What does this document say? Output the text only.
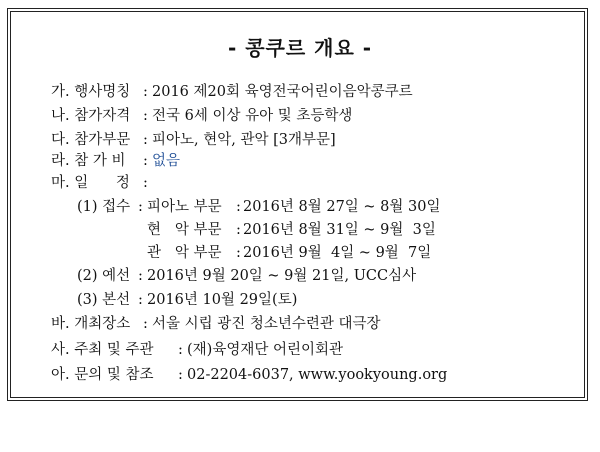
- 콩쿠르 개요 -

가. 행사명칭

:

2016 제20회 육영전국어린이음악콩쿠르

나. 참가자격

:

전국 6세 이상 유아 및 초등학생

다. 참가부문

:

피아노, 현악, 관악 [3개부문]

라. 참 가 비

:

없음

마. 일      정

:

(1) 접수

:

피아노 부문

:

2016년 8월 27일 ~ 8월 30일

현   악 부문

:

2016년 8월 31일 ~ 9월  3일

관   악 부문

:

2016년 9월  4일 ~ 9월  7일

(2) 예선

:

2016년 9월 20일 ~ 9월 21일, UCC심사

(3) 본선

:

2016년 10월 29일(토)

바. 개최장소

:

서울 시립 광진 청소년수련관 대극장

사. 주최 및 주관

:

(재)육영재단 어린이회관

아. 문의 및 참조

:

02-2204-6037, www.yookyoung.org
